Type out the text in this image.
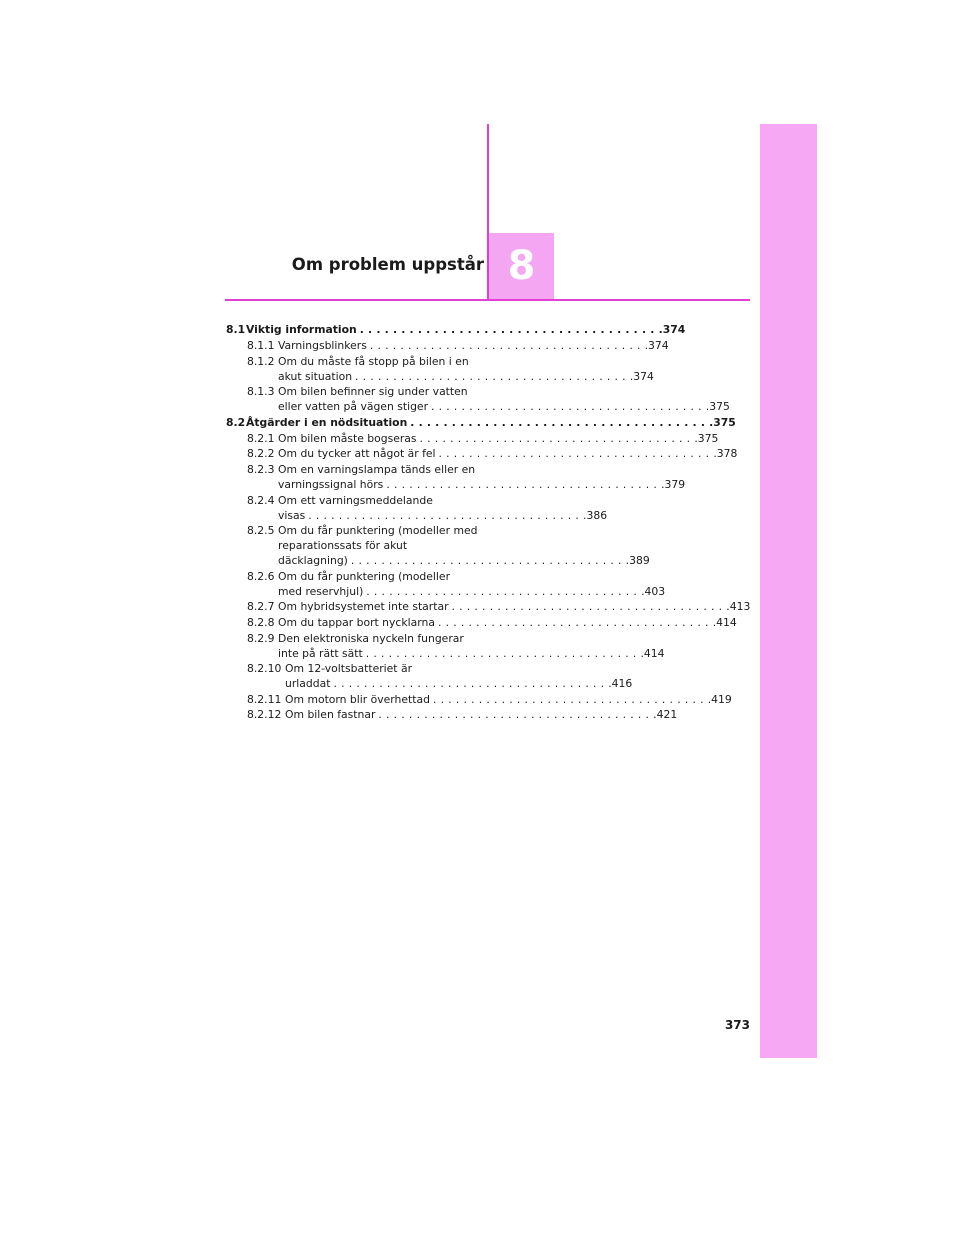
Om problem uppstår 8
8.1 Viktig information .................................... .374
8.1.1 Varningsblinkers .................................... .374
8.1.2 Om du måste få stopp på bilen i en
akut situation .................................... .374
8.1.3 Om bilen befinner sig under vatten
eller vatten på vägen stiger .................................... .375
8.2 Åtgärder i en nödsituation .................................... .375
8.2.1 Om bilen måste bogseras .................................... .375
8.2.2 Om du tycker att något är fel .................................... .378
8.2.3 Om en varningslampa tänds eller en
varningssignal hörs .................................... .379
8.2.4 Om ett varningsmeddelande
visas .................................... .386
8.2.5 Om du får punktering (modeller med
reparationssats för akut
däcklagning) .................................... .389
8.2.6 Om du får punktering (modeller
med reservhjul) .................................... .403
8.2.7 Om hybridsystemet inte startar .................................... .413
8.2.8 Om du tappar bort nycklarna .................................... .414
8.2.9 Den elektroniska nyckeln fungerar
inte på rätt sätt .................................... .414
8.2.10 Om 12-voltsbatteriet är
urladdat .................................... .416
8.2.11 Om motorn blir överhettad .................................... .419
8.2.12 Om bilen fastnar .................................... .421
373
